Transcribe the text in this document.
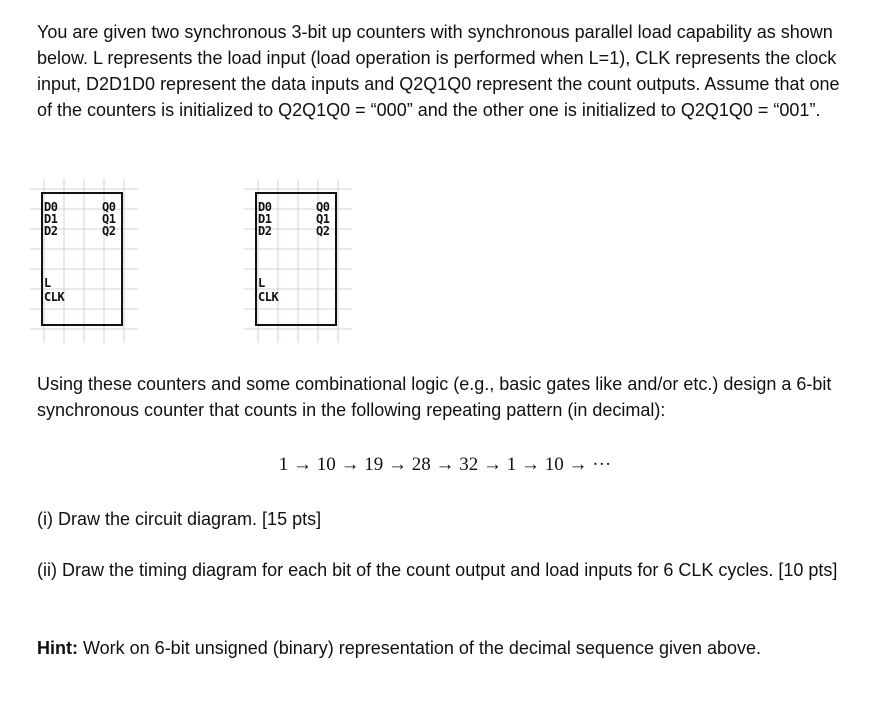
You are given two synchronous 3-bit up counters with synchronous parallel load capability as shown below. L represents the load input (load operation is performed when L=1), CLK represents the clock input, D2D1D0 represent the data inputs and Q2Q1Q0 represent the count outputs. Assume that one of the counters is initialized to Q2Q1Q0 = “000” and the other one is initialized to Q2Q1Q0 = “001”.

D0
D1
D2
Q0
Q1
Q2
L
CLK
D0
D1
D2
Q0
Q1
Q2
L
CLK

Using these counters and some combinational logic (e.g., basic gates like and/or etc.) design a 6-bit synchronous counter that counts in the following repeating pattern (in decimal):

1 → 10 → 19 → 28 → 32 → 1 → 10 → ···

(i) Draw the circuit diagram. [15 pts]

(ii) Draw the timing diagram for each bit of the count output and load inputs for 6 CLK cycles. [10 pts]

Hint: Work on 6-bit unsigned (binary) representation of the decimal sequence given above.
